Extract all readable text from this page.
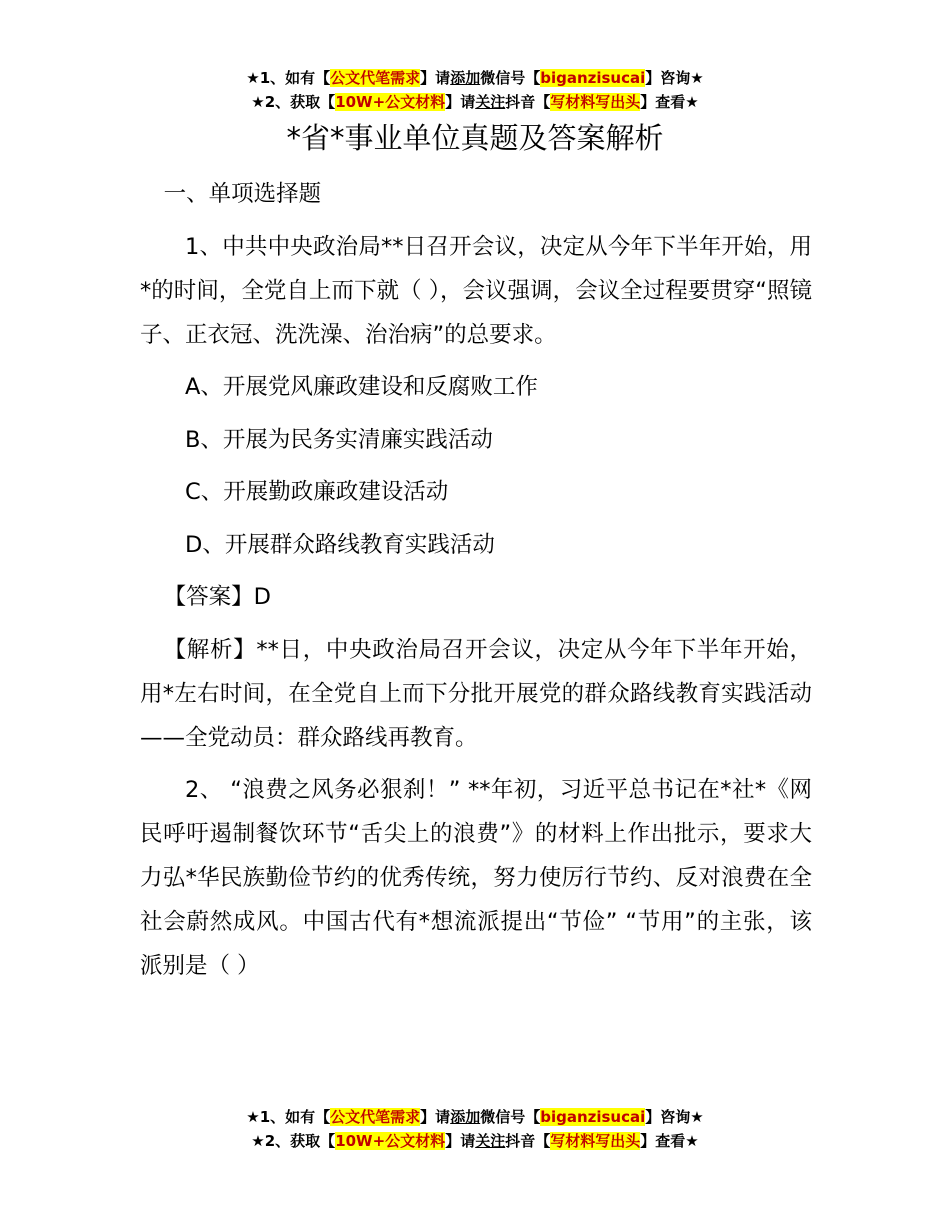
★1、如有【公文代笔需求】请添加微信号【biganzisucai】咨询★
★2、获取【10W+公文材料】请关注抖音【写材料写出头】查看★
*省*事业单位真题及答案解析

一、单项选择题

1、中共中央政治局**日召开会议，决定从今年下半年开始，用*的时间，全党自上而下就（ ），会议强调，会议全过程要贯穿“照镜子、正衣冠、洗洗澡、治治病”的总要求。

A、开展党风廉政建设和反腐败工作

B、开展为民务实清廉实践活动

C、开展勤政廉政建设活动

D、开展群众路线教育实践活动

【答案】D

【解析】**日，中央政治局召开会议，决定从今年下半年开始，用*左右时间，在全党自上而下分批开展党的群众路线教育实践活动——全党动员：群众路线再教育。

2、 “浪费之风务必狠刹！” **年初，习近平总书记在*社*《网民呼吁遏制餐饮环节“舌尖上的浪费”》的材料上作出批示，要求大力弘*华民族勤俭节约的优秀传统，努力使厉行节约、反对浪费在全社会蔚然成风。中国古代有*想流派提出“节俭” “节用”的主张，该派别是（ ）

★1、如有【公文代笔需求】请添加微信号【biganzisucai】咨询★
★2、获取【10W+公文材料】请关注抖音【写材料写出头】查看★
